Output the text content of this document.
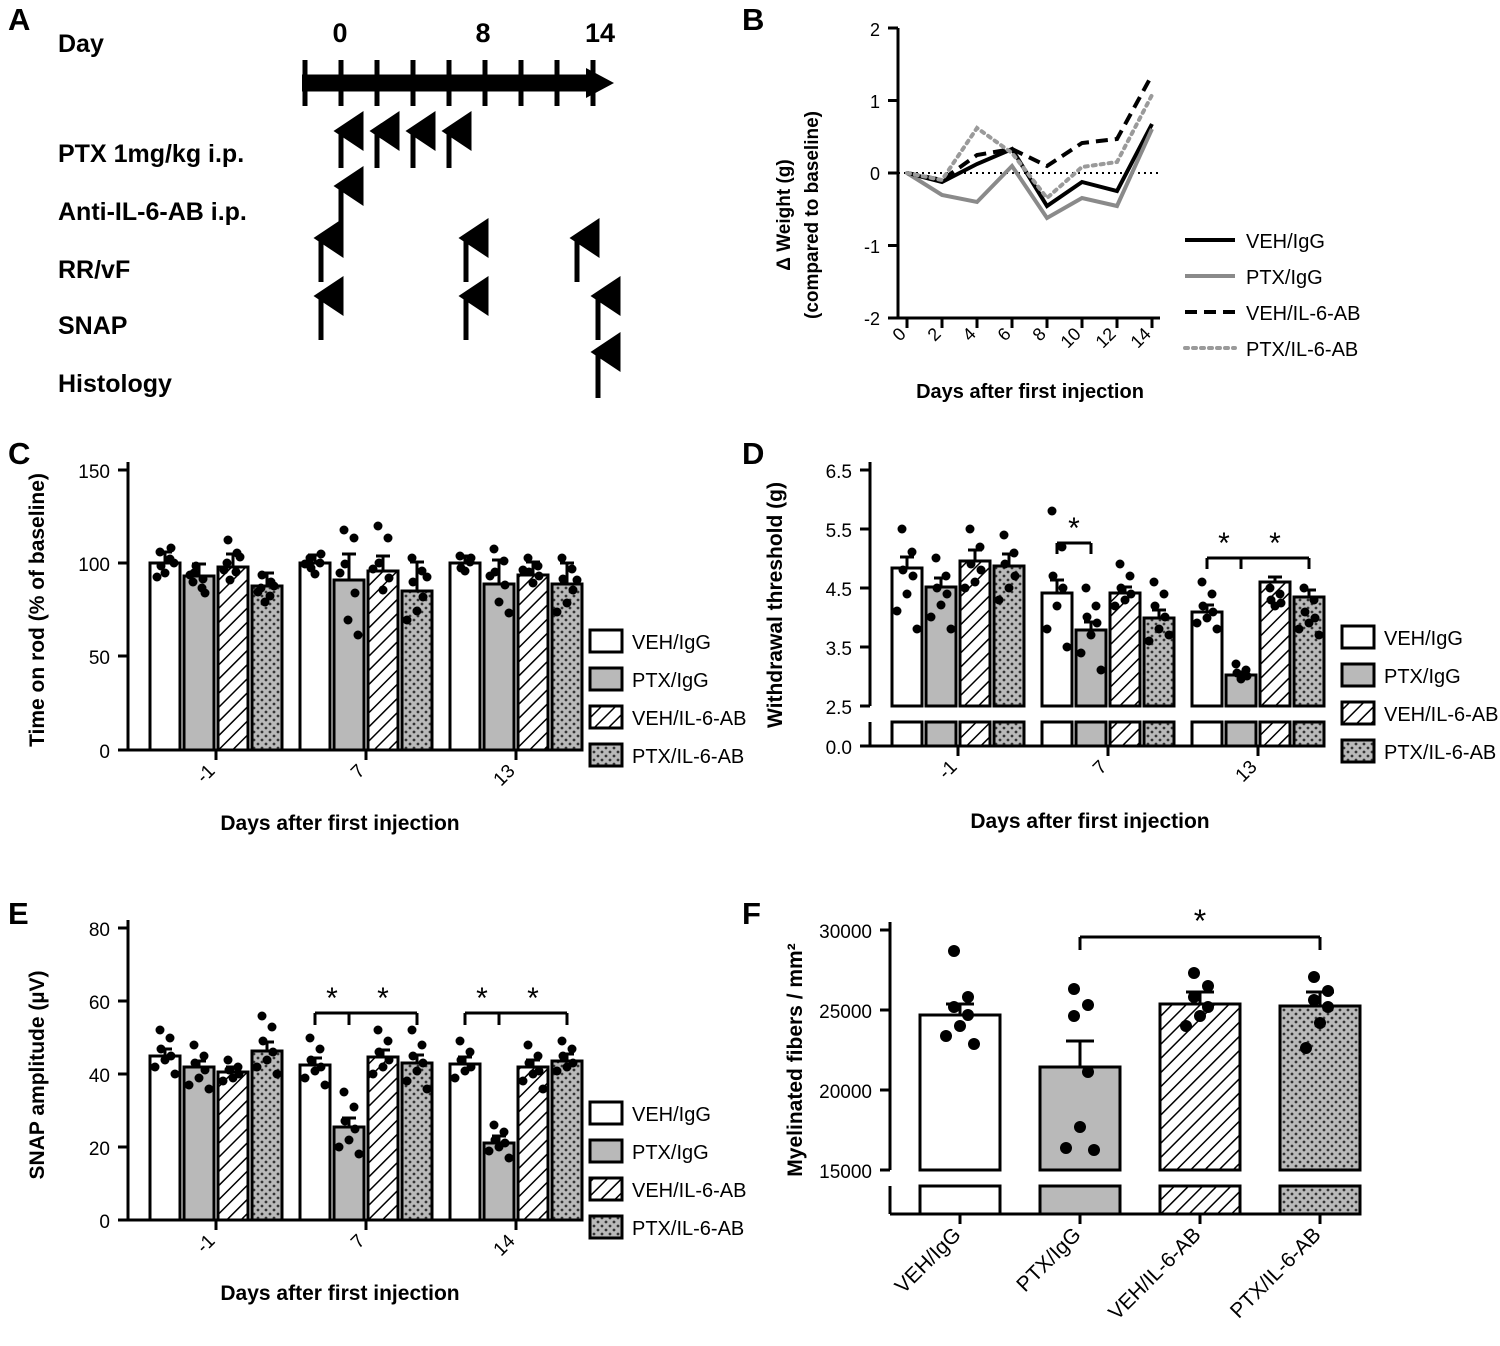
A
Day
PTX 1mg/kg i.p.
Anti-IL-6-AB i.p.
RR/vF
SNAP
Histology
0	8	14	B	2
1
0
-1
-2
0 2 4 6 8 10 12 14
Δ Weight (g) (compared to baseline)
Days after first injection
VEH/IgG
PTX/IgG
VEH/IL-6-AB
PTX/IL-6-AB
C
0
50
100
150
-1	7	13
Time on rod (% of baseline)
Days after first injection
VEH/IgG
PTX/IgG
VEH/IL-6-AB
PTX/IL-6-AB
D
6.5
5.5
4.5
3.5
2.5
0.0
*	* *
-1	7	13
Withdrawal threshold (g)
Days after first injection
VEH/IgG
PTX/IgG
VEH/IL-6-AB
PTX/IL-6-AB
E
0
20
40
60
80
* *	* *
-1	7	14
SNAP amplitude (µV)
Days after first injection
VEH/IgG
PTX/IgG
VEH/IL-6-AB
PTX/IL-6-AB
F
30000
25000
20000
15000
*
VEH/IgG PTX/IgG VEH/IL-6-AB PTX/IL-6-AB
Myelinated fibers / mm²
